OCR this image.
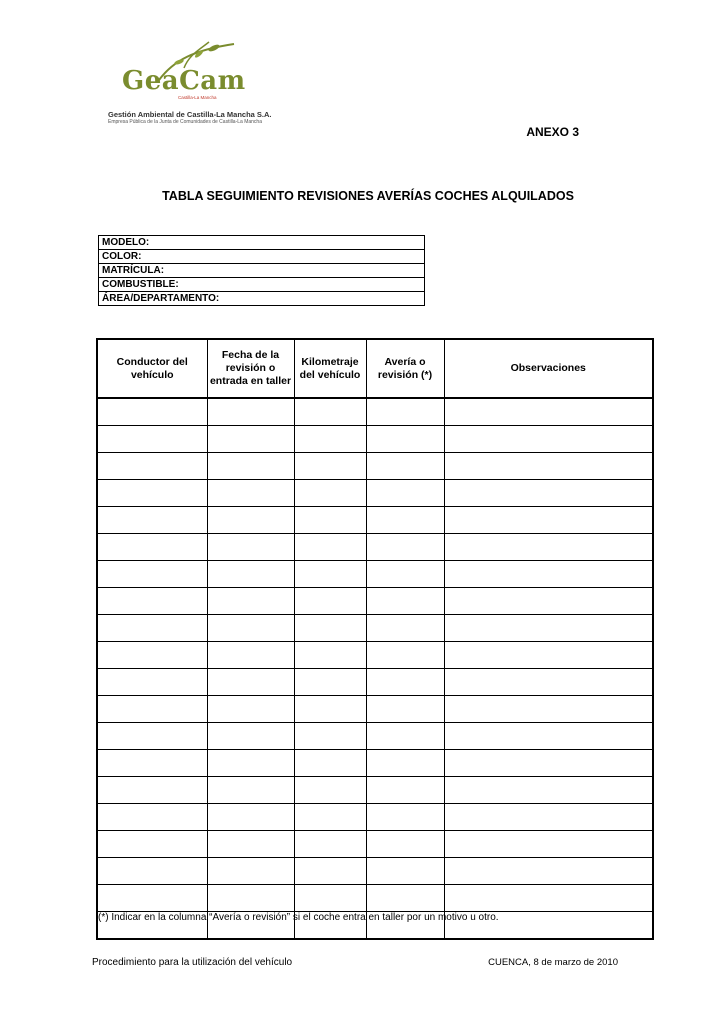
GeaCam
Castilla-La Mancha
Gestión Ambiental de Castilla-La Mancha S.A.
Empresa Pública de la Junta de Comunidades de Castilla-La Mancha
ANEXO 3
TABLA SEGUIMIENTO REVISIONES AVERÍAS COCHES ALQUILADOS
MODELO:
COLOR:
MATRÍCULA:
COMBUSTIBLE:
ÁREA/DEPARTAMENTO:
Conductor del vehículo	Fecha de la revisión o entrada en taller	Kilometraje del vehículo	Avería o revisión (*)	Observaciones

(*) Indicar en la columna “Avería o revisión” si el coche entra en taller por un motivo u otro.
Procedimiento para la utilización del vehículo	CUENCA, 8 de marzo de 2010
